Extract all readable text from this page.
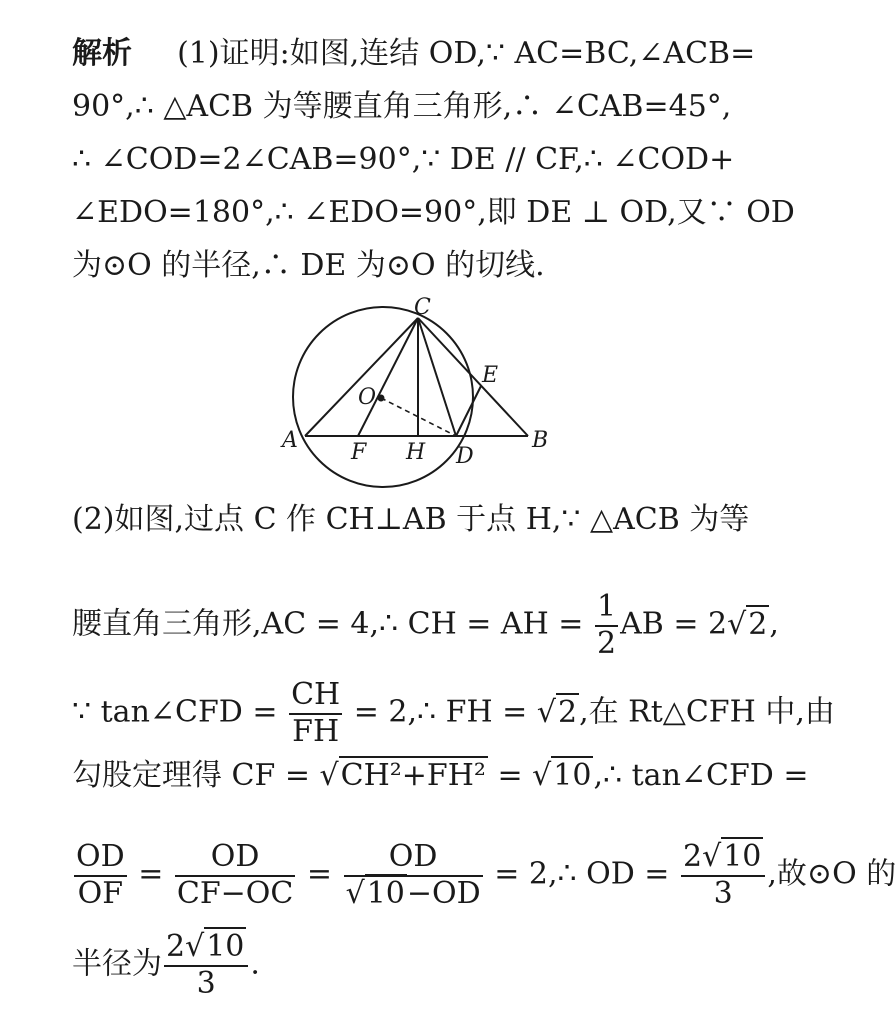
解析 (1)证明:如图,连结 OD,∵ AC=BC,∠ACB=
90°,∴ △ACB 为等腰直角三角形,∴ ∠CAB=45°,
∴ ∠COD=2∠CAB=90°,∵ DE // CF,∴ ∠COD+
∠EDO=180°,∴ ∠EDO=90°,即 DE ⊥ OD,又∵ OD
为⊙O 的半径,∴ DE 为⊙O 的切线.
A	B
C
E
O
F H D
(2)如图,过点 C 作 CH⊥AB 于点 H,∵ △ACB 为等
腰直角三角形,AC = 4,∴ CH = AH = $\frac{1}{2}$ AB = 2√2,
∵ tan∠CFD = $\frac{CH}{FH}$ = 2,∴ FH = √2,在 Rt△CFH 中,由
勾股定理得 CF = √CH²+FH² = √10,∴ tan∠CFD =
$\frac{OD}{OF} = \frac{OD}{CF-OC} = \frac{OD}{√10-OD}$ = 2,∴ OD = $\frac{2√10}{3}$ ,故⊙O 的
半径为 $\frac{2√10}{3}$ .
